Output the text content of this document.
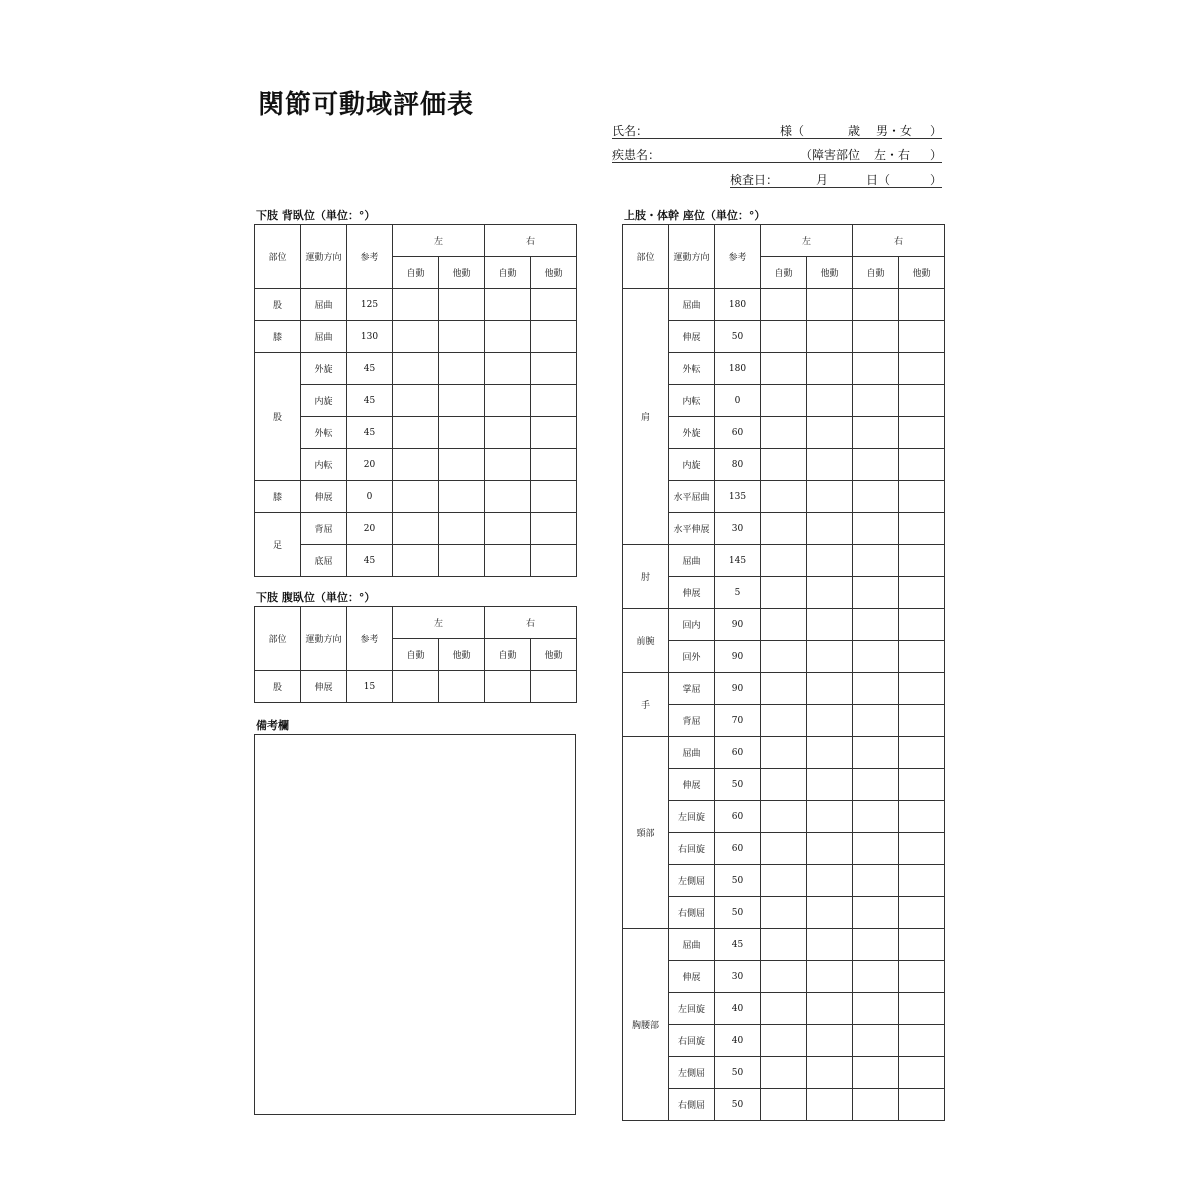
関節可動域評価表
氏名：	様（	歳 男・女 ）
疾患名：	（障害部位 左・右 ）
検査日：	月	日（	）
下肢 背臥位（単位：°）
部位	運動方向	参考	左		右	
			自動	他動	自動	他動
股	屈曲	125				
膝	屈曲	130				
股	外旋	45				
	内旋	45				
	外転	45				
	内転	20				
膝	伸展	0				
足	背屈	20				
	底屈	45				
下肢 腹臥位（単位：°）
部位	運動方向	参考	左		右	
			自動	他動	自動	他動
股	伸展	15				
備考欄
上肢・体幹 座位（単位：°）
部位	運動方向	参考	左		右	
			自動	他動	自動	他動
肩	屈曲	180				
	伸展	50				
	外転	180				
	内転	0				
	外旋	60				
	内旋	80				
	水平屈曲	135				
	水平伸展	30				
肘	屈曲	145				
	伸展	5				
前腕	回内	90				
	回外	90				
手	掌屈	90				
	背屈	70				
頸部	屈曲	60				
	伸展	50				
	左回旋	60				
	右回旋	60				
	左側屈	50				
	右側屈	50				
胸腰部	屈曲	45				
	伸展	30				
	左回旋	40				
	右回旋	40				
	左側屈	50				
	右側屈	50				
